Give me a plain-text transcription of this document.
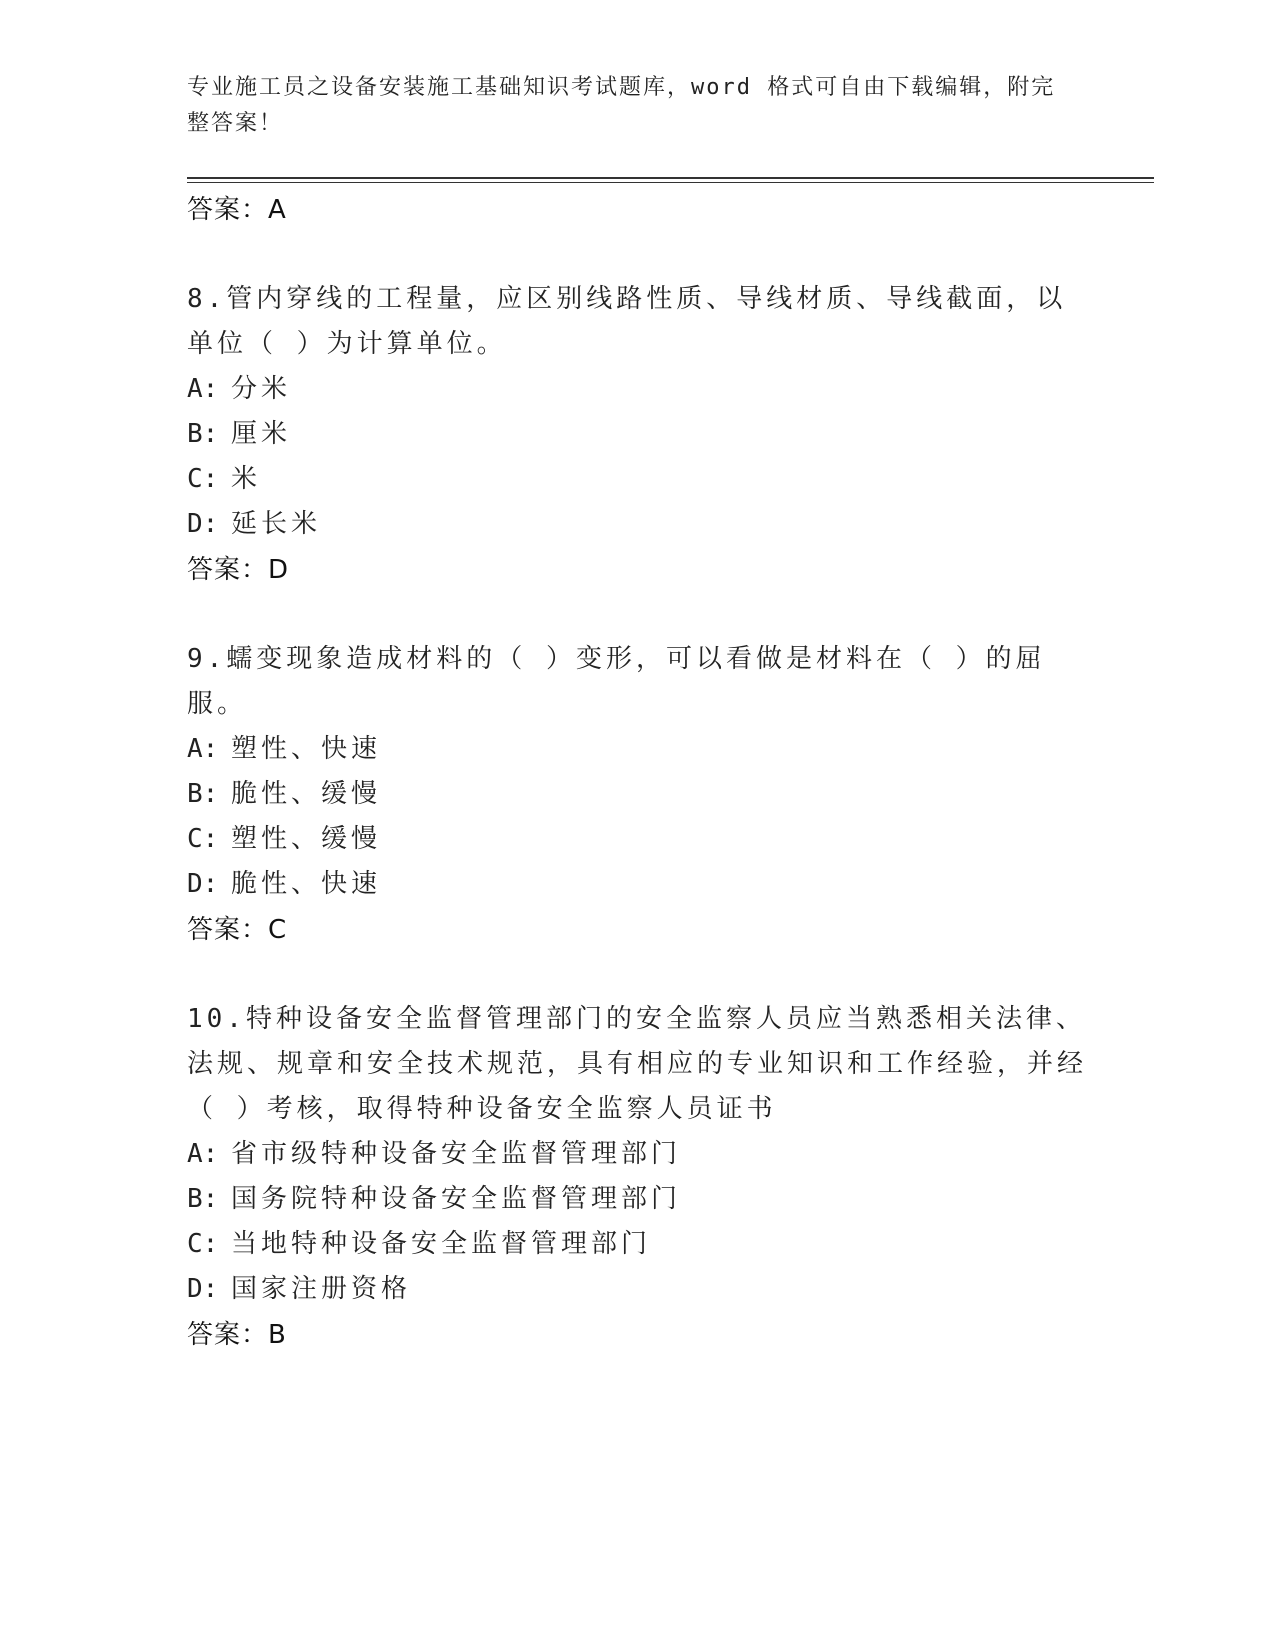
专业施工员之设备安装施工基础知识考试题库，word 格式可自由下载编辑，附完整答案！
答案：A
8.管内穿线的工程量，应区别线路性质、导线材质、导线截面，以单位（ ）为计算单位。
A: 分米
B: 厘米
C: 米
D: 延长米
答案：D
9.蠕变现象造成材料的（ ）变形，可以看做是材料在（ ）的屈服。
A: 塑性、快速
B: 脆性、缓慢
C: 塑性、缓慢
D: 脆性、快速
答案：C
10.特种设备安全监督管理部门的安全监察人员应当熟悉相关法律、法规、规章和安全技术规范，具有相应的专业知识和工作经验，并经（ ）考核，取得特种设备安全监察人员证书
A: 省市级特种设备安全监督管理部门
B: 国务院特种设备安全监督管理部门
C: 当地特种设备安全监督管理部门
D: 国家注册资格
答案：B
